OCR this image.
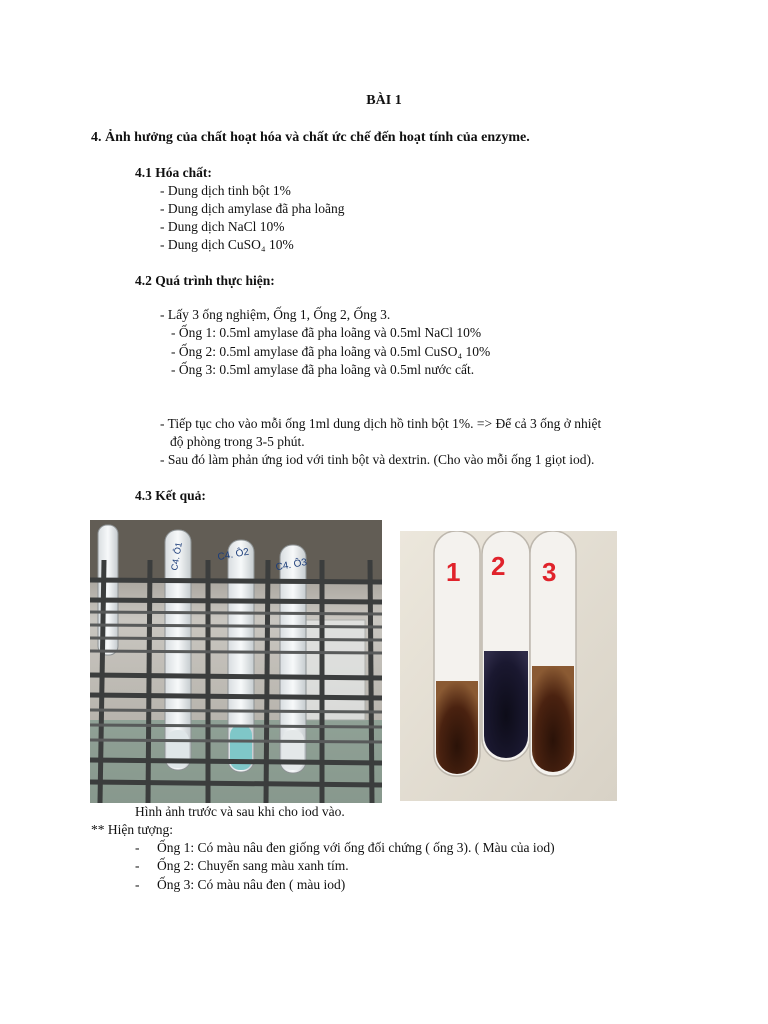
BÀI 1
4. Ảnh hưởng của chất hoạt hóa và chất ức chế đến hoạt tính của enzyme.
4.1 Hóa chất:
- Dung dịch tinh bột 1%
- Dung dịch amylase đã pha loãng
- Dung dịch NaCl 10%
- Dung dịch CuSO₄ 10%
4.2 Quá trình thực hiện:
- Lấy 3 ống nghiệm, Ống 1, Ống 2, Ống 3.
- Ống 1: 0.5ml amylase đã pha loãng và 0.5ml NaCl 10%
- Ống 2: 0.5ml amylase đã pha loãng và 0.5ml CuSO₄ 10%
- Ống 3: 0.5ml amylase đã pha loãng và 0.5ml nước cất.
- Tiếp tục cho vào mỗi ống 1ml dung dịch hồ tinh bột 1%. => Để cả 3 ống ở nhiệt
độ phòng trong 3-5 phút.
- Sau đó làm phản ứng iod với tinh bột và dextrin. (Cho vào mỗi ống 1 giọt iod).
4.3 Kết quả:
C4. Ô1	C4. Ô2
C4. Ô3	1 2 3
Hình ảnh trước và sau khi cho iod vào.
** Hiện tượng:
- Ống 1: Có màu nâu đen giống với ống đối chứng ( ống 3). ( Màu của iod)
- Ống 2: Chuyển sang màu xanh tím.
- Ống 3: Có màu nâu đen ( màu iod)
